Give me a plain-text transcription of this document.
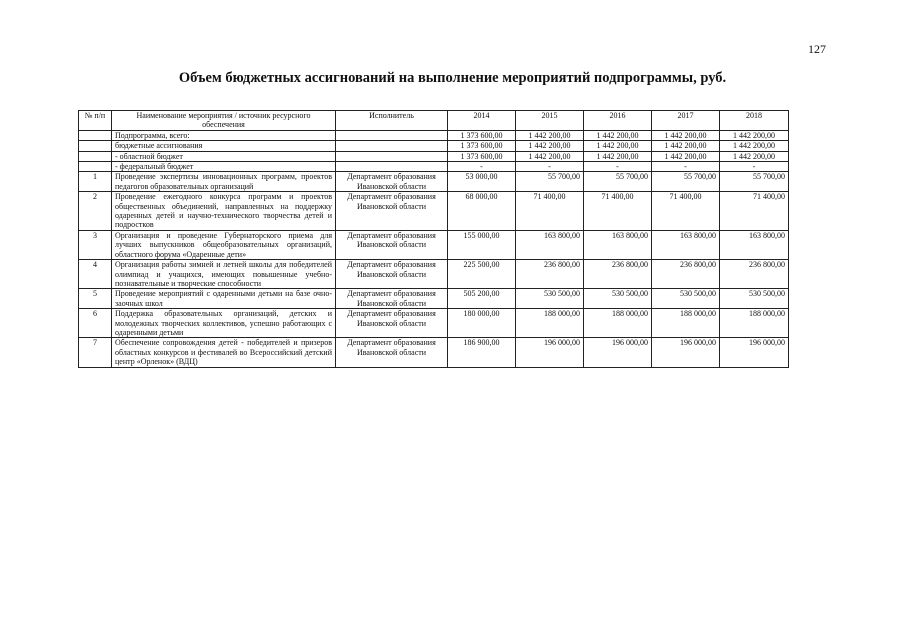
127
Объем бюджетных ассигнований на выполнение мероприятий подпрограммы, руб.
№ п/п	Наименование мероприятия / источник ресурсного обеспечения	Исполнитель	2014	2015	2016	2017	2018
	Подпрограмма, всего:		1 373 600,00	1 442 200,00	1 442 200,00	1 442 200,00	1 442 200,00
	бюджетные ассигнования		1 373 600,00	1 442 200,00	1 442 200,00	1 442 200,00	1 442 200,00
	- областной бюджет		1 373 600,00	1 442 200,00	1 442 200,00	1 442 200,00	1 442 200,00
	- федеральный бюджет		-	-	-	-	-
1	Проведение экспертизы инновационных программ, проектов педагогов образовательных организаций	Департамент образования Ивановской области	53 000,00	55 700,00	55 700,00	55 700,00	55 700,00
2	Проведение ежегодного конкурса программ и проектов общественных объединений, направленных на поддержку одаренных детей и научно-технического творчества детей и подростков	Департамент образования Ивановской области	68 000,00	71 400,00	71 400,00	71 400,00	71 400,00
3	Организация и проведение Губернаторского приема для лучших выпускников общеобразовательных организаций, областного форума «Одаренные дети»	Департамент образования Ивановской области	155 000,00	163 800,00	163 800,00	163 800,00	163 800,00
4	Организация работы зимней и летней школы для победителей олимпиад и учащихся, имеющих повышенные учебно-познавательные и творческие способности	Департамент образования Ивановской области	225 500,00	236 800,00	236 800,00	236 800,00	236 800,00
5	Проведение мероприятий с одаренными детьми на базе очно-заочных школ	Департамент образования Ивановской области	505 200,00	530 500,00	530 500,00	530 500,00	530 500,00
6	Поддержка образовательных организаций, детских и молодежных творческих коллективов, успешно работающих с одаренными детьми	Департамент образования Ивановской области	180 000,00	188 000,00	188 000,00	188 000,00	188 000,00
7	Обеспечение сопровождения детей - победителей и призеров областных конкурсов и фестивалей во Всероссийский детский центр «Орленок» (ВДЦ)	Департамент образования Ивановской области	186 900,00	196 000,00	196 000,00	196 000,00	196 000,00
